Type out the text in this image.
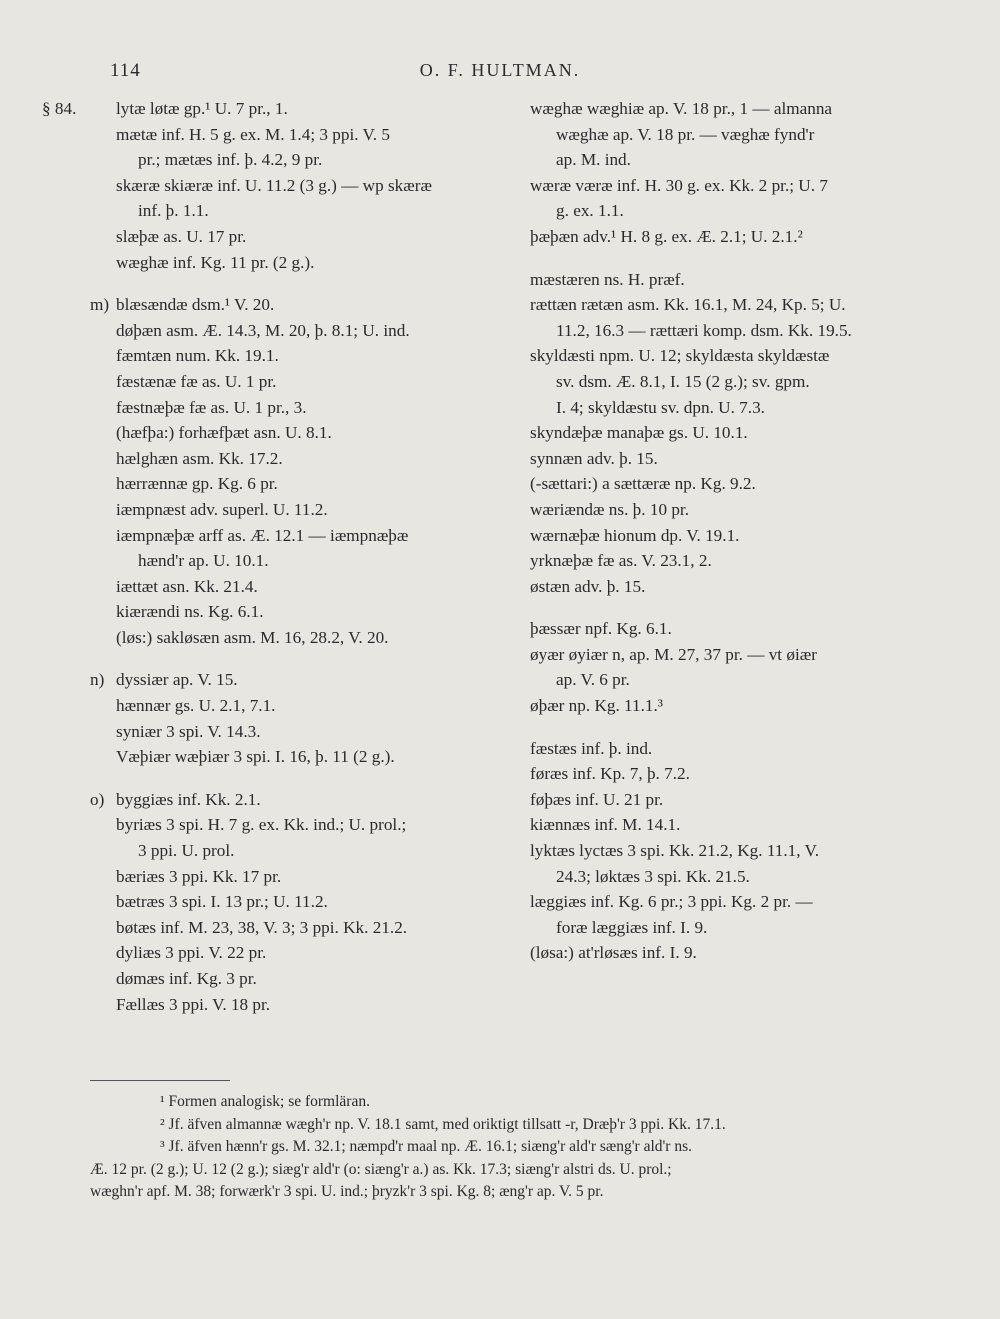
114	O. F. HULTMAN.
§ 84.	lytæ løtæ gp.¹ U. 7 pr., 1.
mætæ inf. H. 5 g. ex. M. 1.4; 3 ppi. V. 5
pr.; mætæs inf. þ. 4.2, 9 pr.
skæræ skiæræ inf. U. 11.2 (3 g.) — wp skæræ
inf. þ. 1.1.
slæþæ as. U. 17 pr.
wæghæ inf. Kg. 11 pr. (2 g.).
m) blæsændæ dsm.¹ V. 20.
døþæn asm. Æ. 14.3, M. 20, þ. 8.1; U. ind.
fæmtæn num. Kk. 19.1.
fæstænæ fæ as. U. 1 pr.
fæstnæþæ fæ as. U. 1 pr., 3.
(hæfþa:) forhæfþæt asn. U. 8.1.
hælghæn asm. Kk. 17.2.
hærrænnæ gp. Kg. 6 pr.
iæmpnæst adv. superl. U. 11.2.
iæmpnæþæ arff as. Æ. 12.1 — iæmpnæþæ
hænd'r ap. U. 10.1.
iættæt asn. Kk. 21.4.
kiærændi ns. Kg. 6.1.
(løs:) sakløsæn asm. M. 16, 28.2, V. 20.
n) dyssiær ap. V. 15.
hænnær gs. U. 2.1, 7.1.
syniær 3 spi. V. 14.3.
Væþiær wæþiær 3 spi. I. 16, þ. 11 (2 g.).
o) byggiæs inf. Kk. 2.1.
byriæs 3 spi. H. 7 g. ex. Kk. ind.; U. prol.;
3 ppi. U. prol.
bæriæs 3 ppi. Kk. 17 pr.
bætræs 3 spi. I. 13 pr.; U. 11.2.
bøtæs inf. M. 23, 38, V. 3; 3 ppi. Kk. 21.2.
dyliæs 3 ppi. V. 22 pr.
dømæs inf. Kg. 3 pr.
Fællæs 3 ppi. V. 18 pr.
wæghæ wæghiæ ap. V. 18 pr., 1 — almanna
wæghæ ap. V. 18 pr. — væghæ fynd'r
ap. M. ind.
wæræ væræ inf. H. 30 g. ex. Kk. 2 pr.; U. 7
g. ex. 1.1.
þæþæn adv.¹ H. 8 g. ex. Æ. 2.1; U. 2.1.²
mæstæren ns. H. præf.
rættæn rætæn asm. Kk. 16.1, M. 24, Kp. 5; U.
11.2, 16.3 — rættæri komp. dsm. Kk. 19.5.
skyldæsti npm. U. 12; skyldæsta skyldæstæ
sv. dsm. Æ. 8.1, I. 15 (2 g.); sv. gpm.
I. 4; skyldæstu sv. dpn. U. 7.3.
skyndæþæ manaþæ gs. U. 10.1.
synnæn adv. þ. 15.
(-sættari:) a sættæræ np. Kg. 9.2.
wæriændæ ns. þ. 10 pr.
wærnæþæ hionum dp. V. 19.1.
yrknæþæ fæ as. V. 23.1, 2.
østæn adv. þ. 15.
þæssær npf. Kg. 6.1.
øyær øyiær n, ap. M. 27, 37 pr. — vt øiær
ap. V. 6 pr.
øþær np. Kg. 11.1.³
fæstæs inf. þ. ind.
føræs inf. Kp. 7, þ. 7.2.
føþæs inf. U. 21 pr.
kiænnæs inf. M. 14.1.
lyktæs lyctæs 3 spi. Kk. 21.2, Kg. 11.1, V.
24.3; løktæs 3 spi. Kk. 21.5.
læggiæs inf. Kg. 6 pr.; 3 ppi. Kg. 2 pr. —
foræ læggiæs inf. I. 9.
(løsa:) at'rløsæs inf. I. 9.
¹ Formen analogisk; se formläran.
² Jf. äfven almannæ wægh'r np. V. 18.1 samt, med oriktigt tillsatt -r, Dræþ'r 3 ppi. Kk. 17.1.
³ Jf. äfven hænn'r gs. M. 32.1; næmpd'r maal np. Æ. 16.1; siæng'r ald'r sæng'r ald'r ns.
Æ. 12 pr. (2 g.); U. 12 (2 g.); siæg'r ald'r (o: siæng'r a.) as. Kk. 17.3; siæng'r alstri ds. U. prol.;
wæghn'r apf. M. 38; forwærk'r 3 spi. U. ind.; þryzk'r 3 spi. Kg. 8; æng'r ap. V. 5 pr.
